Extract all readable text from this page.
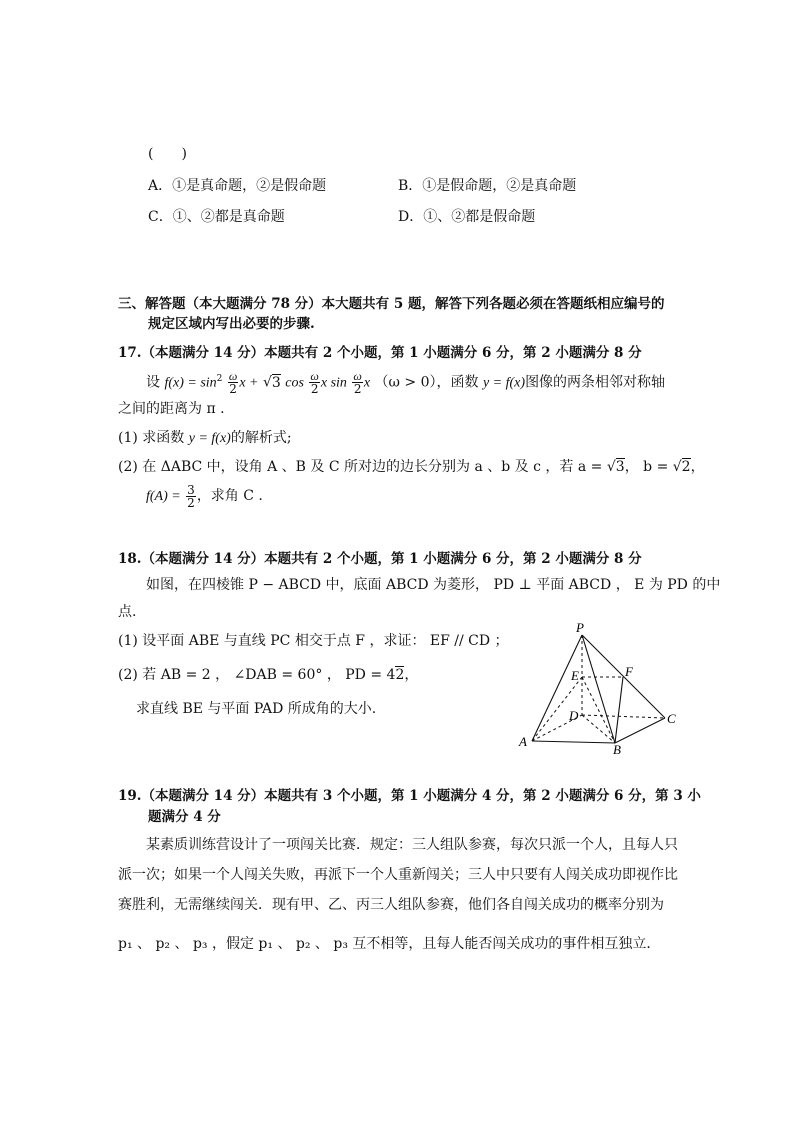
(　　)
A．①是真命题，②是假命题	B．①是假命题，②是真命题
C．①、②都是真命题	D．①、②都是假命题
三、解答题（本大题满分 78 分）本大题共有 5 题，解答下列各题必须在答题纸相应编号的
规定区域内写出必要的步骤.
17.（本题满分 14 分）本题共有 2 个小题，第 1 小题满分 6 分，第 2 小题满分 8 分
设 $f(x) = \sin^2 \frac{\omega}{2}$ x + √3 $\cos \frac{\omega}{2}$ x $\sin \frac{\omega}{2}$ x （ω > 0），函数 y = f(x)图像的两条相邻对称轴
之间的距离为 π .
(1) 求函数 y = f(x)的解析式;
(2) 在 ΔABC 中，设角 A 、B 及 C 所对边的边长分别为 a 、b 及 c ，若 a = √3， b = √2，
$f(A) = \frac{3}{2}$ ，求角 C .
18.（本题满分 14 分）本题共有 2 个小题，第 1 小题满分 6 分，第 2 小题满分 8 分
如图，在四棱锥 P − ABCD 中，底面 ABCD 为菱形， PD ⊥ 平面 ABCD ， E 为 PD 的中
点.
(1) 设平面 ABE 与直线 PC 相交于点 F ，求证： EF // CD ；
(2) 若 AB = 2 ， ∠DAB = 60° ， PD = 42，
求直线 BE 与平面 PAD 所成角的大小.
P
E	F
D
A
B
C
19.（本题满分 14 分）本题共有 3 个小题，第 1 小题满分 4 分，第 2 小题满分 6 分，第 3 小
题满分 4 分
某素质训练营设计了一项闯关比赛．规定：三人组队参赛，每次只派一个人，且每人只
派一次；如果一个人闯关失败，再派下一个人重新闯关；三人中只要有人闯关成功即视作比
赛胜利，无需继续闯关．现有甲、乙、丙三人组队参赛，他们各自闯关成功的概率分别为
p₁ 、 p₂ 、 p₃ ，假定 p₁ 、 p₂ 、 p₃ 互不相等，且每人能否闯关成功的事件相互独立．
